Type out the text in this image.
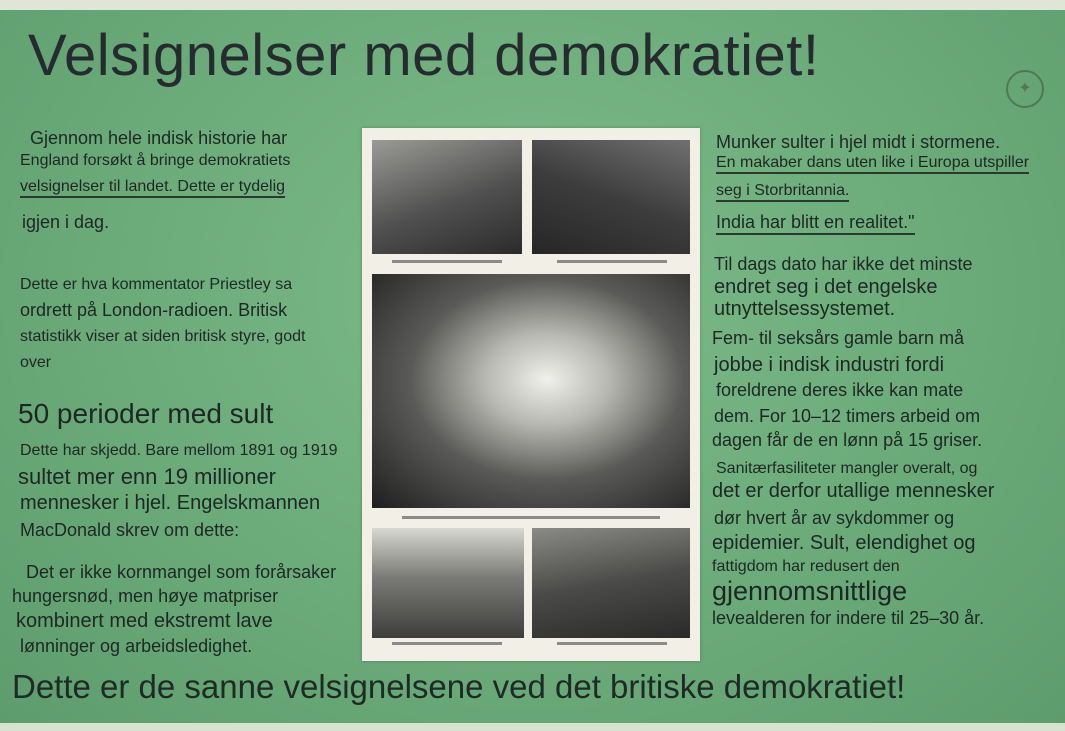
Velsignelser med demokratiet!
✦
Gjennom hele indisk historie har
England forsøkt å bringe demokratiets
velsignelser til landet. Dette er tydelig
igjen i dag.
Dette er hva kommentator Priestley sa
ordrett på London-radioen. Britisk
statistikk viser at siden britisk styre, godt
over
50 perioder med sult
Dette har skjedd. Bare mellom 1891 og 1919
sultet mer enn 19 millioner
mennesker i hjel. Engelskmannen
MacDonald skrev om dette:
Det er ikke kornmangel som forårsaker
hungersnød, men høye matpriser
kombinert med ekstremt lave
lønninger og arbeidsledighet.
Munker sulter i hjel midt i stormene.
En makaber dans uten like i Europa utspiller
seg i Storbritannia.
India har blitt en realitet."
Til dags dato har ikke det minste
endret seg i det engelske
utnyttelsessystemet.
Fem- til seksårs gamle barn må
jobbe i indisk industri fordi
foreldrene deres ikke kan mate
dem. For 10–12 timers arbeid om
dagen får de en lønn på 15 griser.
Sanitærfasiliteter mangler overalt, og
det er derfor utallige mennesker
dør hvert år av sykdommer og
epidemier. Sult, elendighet og
fattigdom har redusert den
gjennomsnittlige
levealderen for indere til 25–30 år.
Dette er de sanne velsignelsene ved det britiske demokratiet!
